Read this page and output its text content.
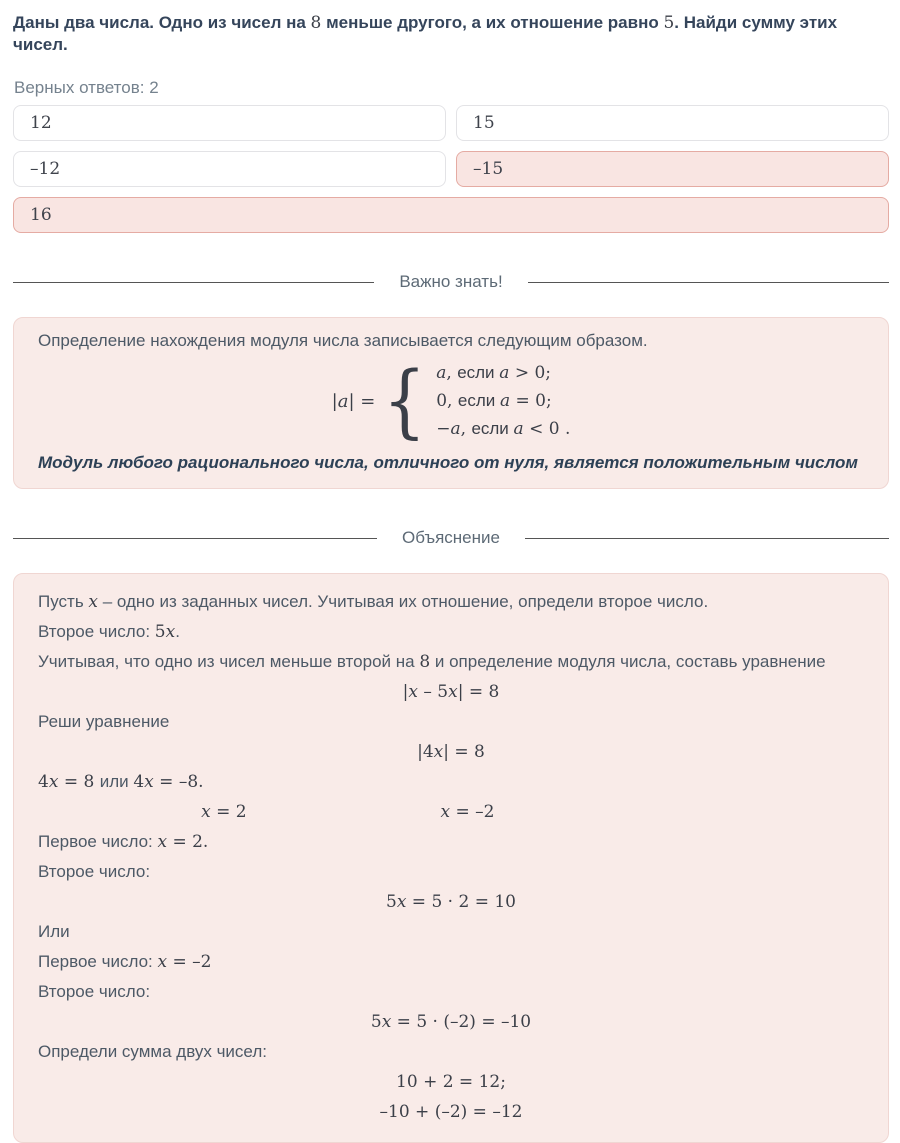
Даны два числа. Одно из чисел на 8 меньше другого, а их отношение равно 5. Найди сумму этих чисел.
Верных ответов: 2
12	15
–12	–15
16
Важно знать!

Определение нахождения модуля числа записывается следующим образом.

|a| = { a, если a > 0;
0, если a = 0;
−a, если a < 0 .

Модуль любого рационального числа, отличного от нуля, является положительным числом

Объяснение
Пусть x – одно из заданных чисел. Учитывая их отношение, определи второе число.
Второе число: 5x.
Учитывая, что одно из чисел меньше второй на 8 и определение модуля числа, составь уравнение
|x – 5x| = 8
Реши уравнение
|4x| = 8
4x = 8 или 4x = –8.
x = 2	x = –2
Первое число: x = 2.
Второе число:
5x = 5 · 2 = 10
Или
Первое число: x = –2
Второе число:
5x = 5 · (–2) = –10
Определи сумма двух чисел:
10 + 2 = 12;
–10 + (–2) = –12
